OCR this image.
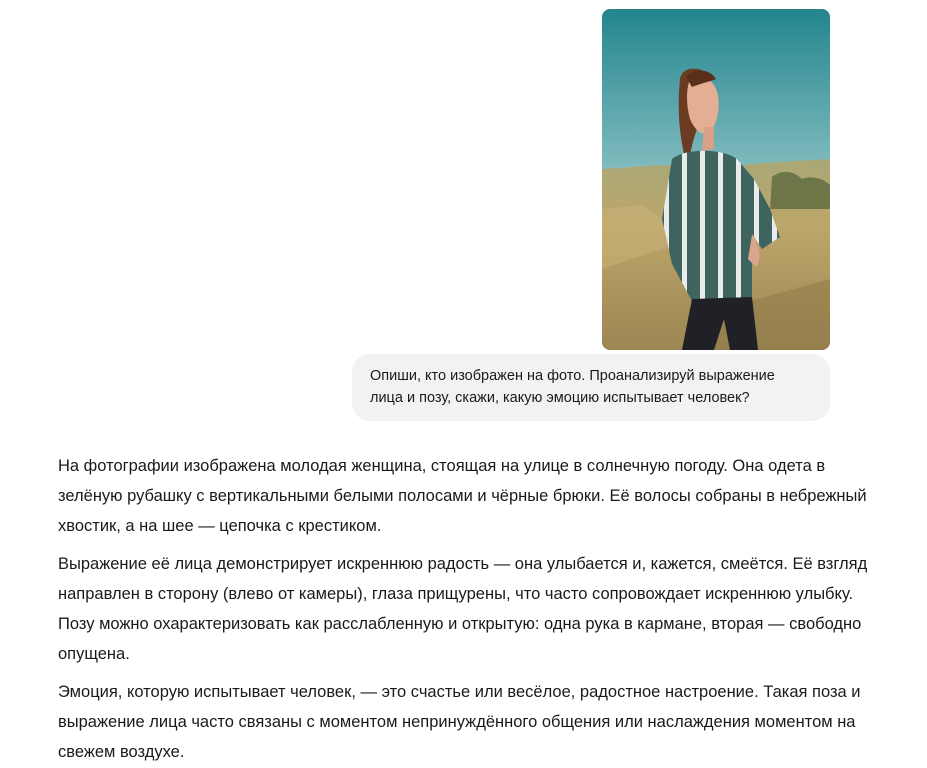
Опиши, кто изображен на фото. Проанализируй выражение лица и позу, скажи, какую эмоцию испытывает человек?

На фотографии изображена молодая женщина, стоящая на улице в солнечную погоду. Она одета в зелёную рубашку с вертикальными белыми полосами и чёрные брюки. Её волосы собраны в небрежный хвостик, а на шее — цепочка с крестиком.

Выражение её лица демонстрирует искреннюю радость — она улыбается и, кажется, смеётся. Её взгляд направлен в сторону (влево от камеры), глаза прищурены, что часто сопровождает искреннюю улыбку. Позу можно охарактеризовать как расслабленную и открытую: одна рука в кармане, вторая — свободно опущена.

Эмоция, которую испытывает человек, — это счастье или весёлое, радостное настроение. Такая поза и выражение лица часто связаны с моментом непринуждённого общения или наслаждения моментом на свежем воздухе.
